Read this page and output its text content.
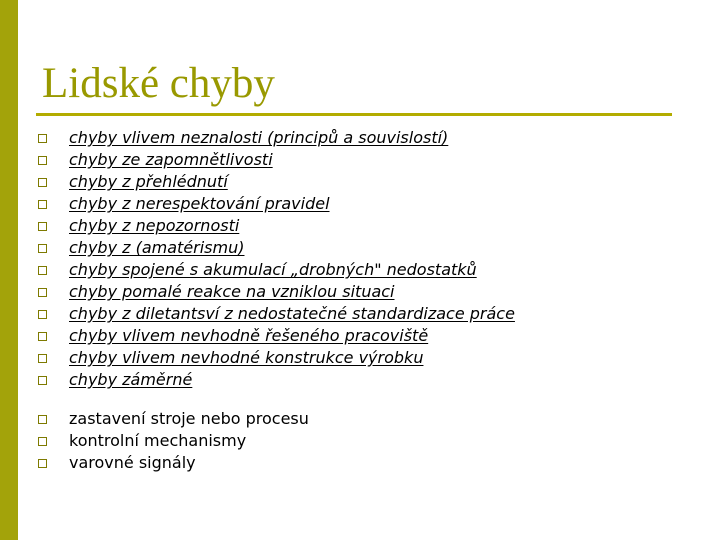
Lidské chyby
chyby vlivem neznalosti (principů a souvislostí)
chyby ze zapomnětlivosti
chyby z přehlédnutí
chyby z nerespektování pravidel
chyby z nepozornosti
chyby z (amatérismu)
chyby spojené s akumulací „drobných" nedostatků
chyby pomalé reakce na vzniklou situaci
chyby z diletantsví z nedostatečné standardizace práce
chyby vlivem nevhodně řešeného pracoviště
chyby vlivem nevhodné konstrukce výrobku
chyby záměrné
zastavení stroje nebo procesu
kontrolní mechanismy
varovné signály
